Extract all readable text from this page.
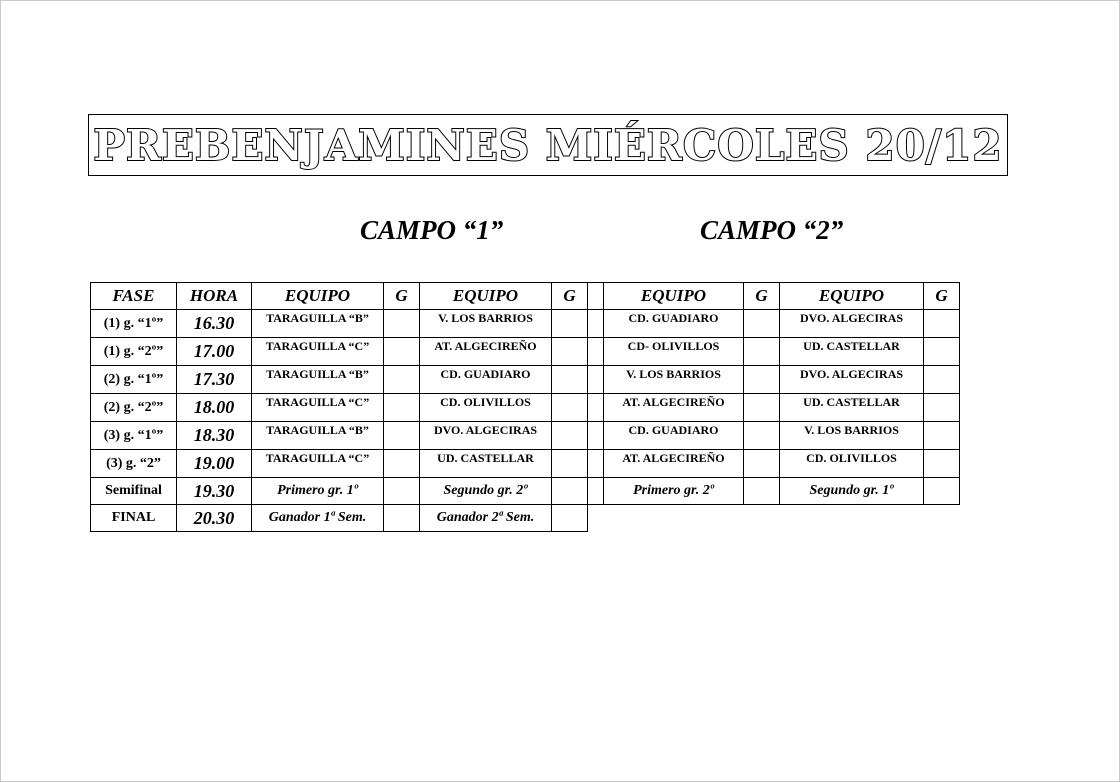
PREBENJAMINES MIÉRCOLES 20/12
CAMPO “1”	CAMPO “2”
FASE	HORA	EQUIPO	G	EQUIPO	G		EQUIPO	G	EQUIPO	G
(1) g. “1º”	16.30	TARAGUILLA “B”		V. LOS BARRIOS			CD. GUADIARO		DVO. ALGECIRAS	
(1) g. “2º”	17.00	TARAGUILLA “C”		AT. ALGECIREÑO			CD- OLIVILLOS		UD. CASTELLAR	
(2) g. “1º”	17.30	TARAGUILLA “B”		CD. GUADIARO			V. LOS BARRIOS		DVO. ALGECIRAS	
(2) g. “2º”	18.00	TARAGUILLA “C”		CD. OLIVILLOS			AT. ALGECIREÑO		UD. CASTELLAR	
(3) g. “1º”	18.30	TARAGUILLA “B”		DVO. ALGECIRAS			CD. GUADIARO		V. LOS BARRIOS	
(3) g. “2”	19.00	TARAGUILLA “C”		UD. CASTELLAR			AT. ALGECIREÑO		CD. OLIVILLOS	
Semifinal	19.30	Primero gr. 1º		Segundo gr. 2º			Primero gr. 2º		Segundo gr. 1º	
FINAL	20.30	Ganador 1ª Sem.		Ganador 2ª Sem.						
